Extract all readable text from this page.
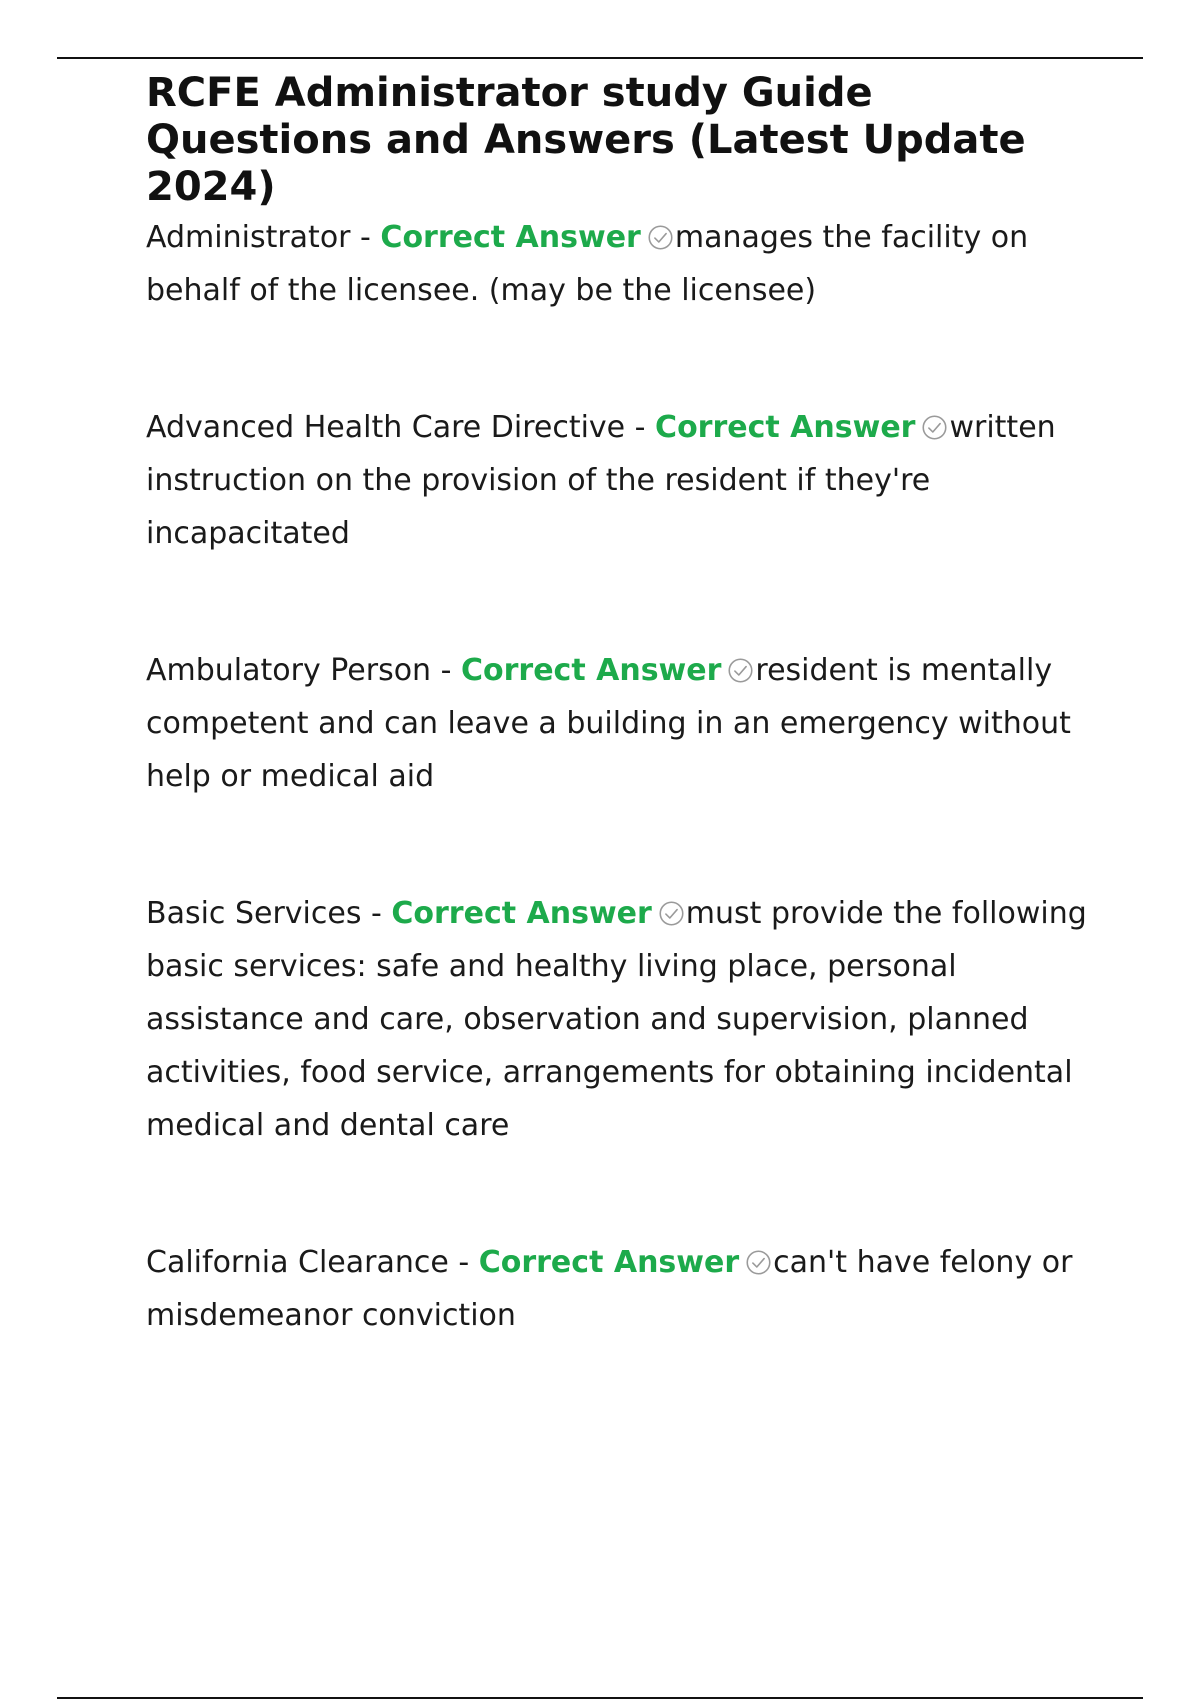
RCFE Administrator study Guide Questions and Answers (Latest Update 2024)

Administrator - Correct Answer manages the facility on behalf of the licensee. (may be the licensee)

Advanced Health Care Directive - Correct Answer written instruction on the provision of the resident if they're incapacitated

Ambulatory Person - Correct Answer resident is mentally competent and can leave a building in an emergency without help or medical aid

Basic Services - Correct Answer must provide the following basic services: safe and healthy living place, personal assistance and care, observation and supervision, planned activities, food service, arrangements for obtaining incidental medical and dental care

California Clearance - Correct Answer can't have felony or misdemeanor conviction
